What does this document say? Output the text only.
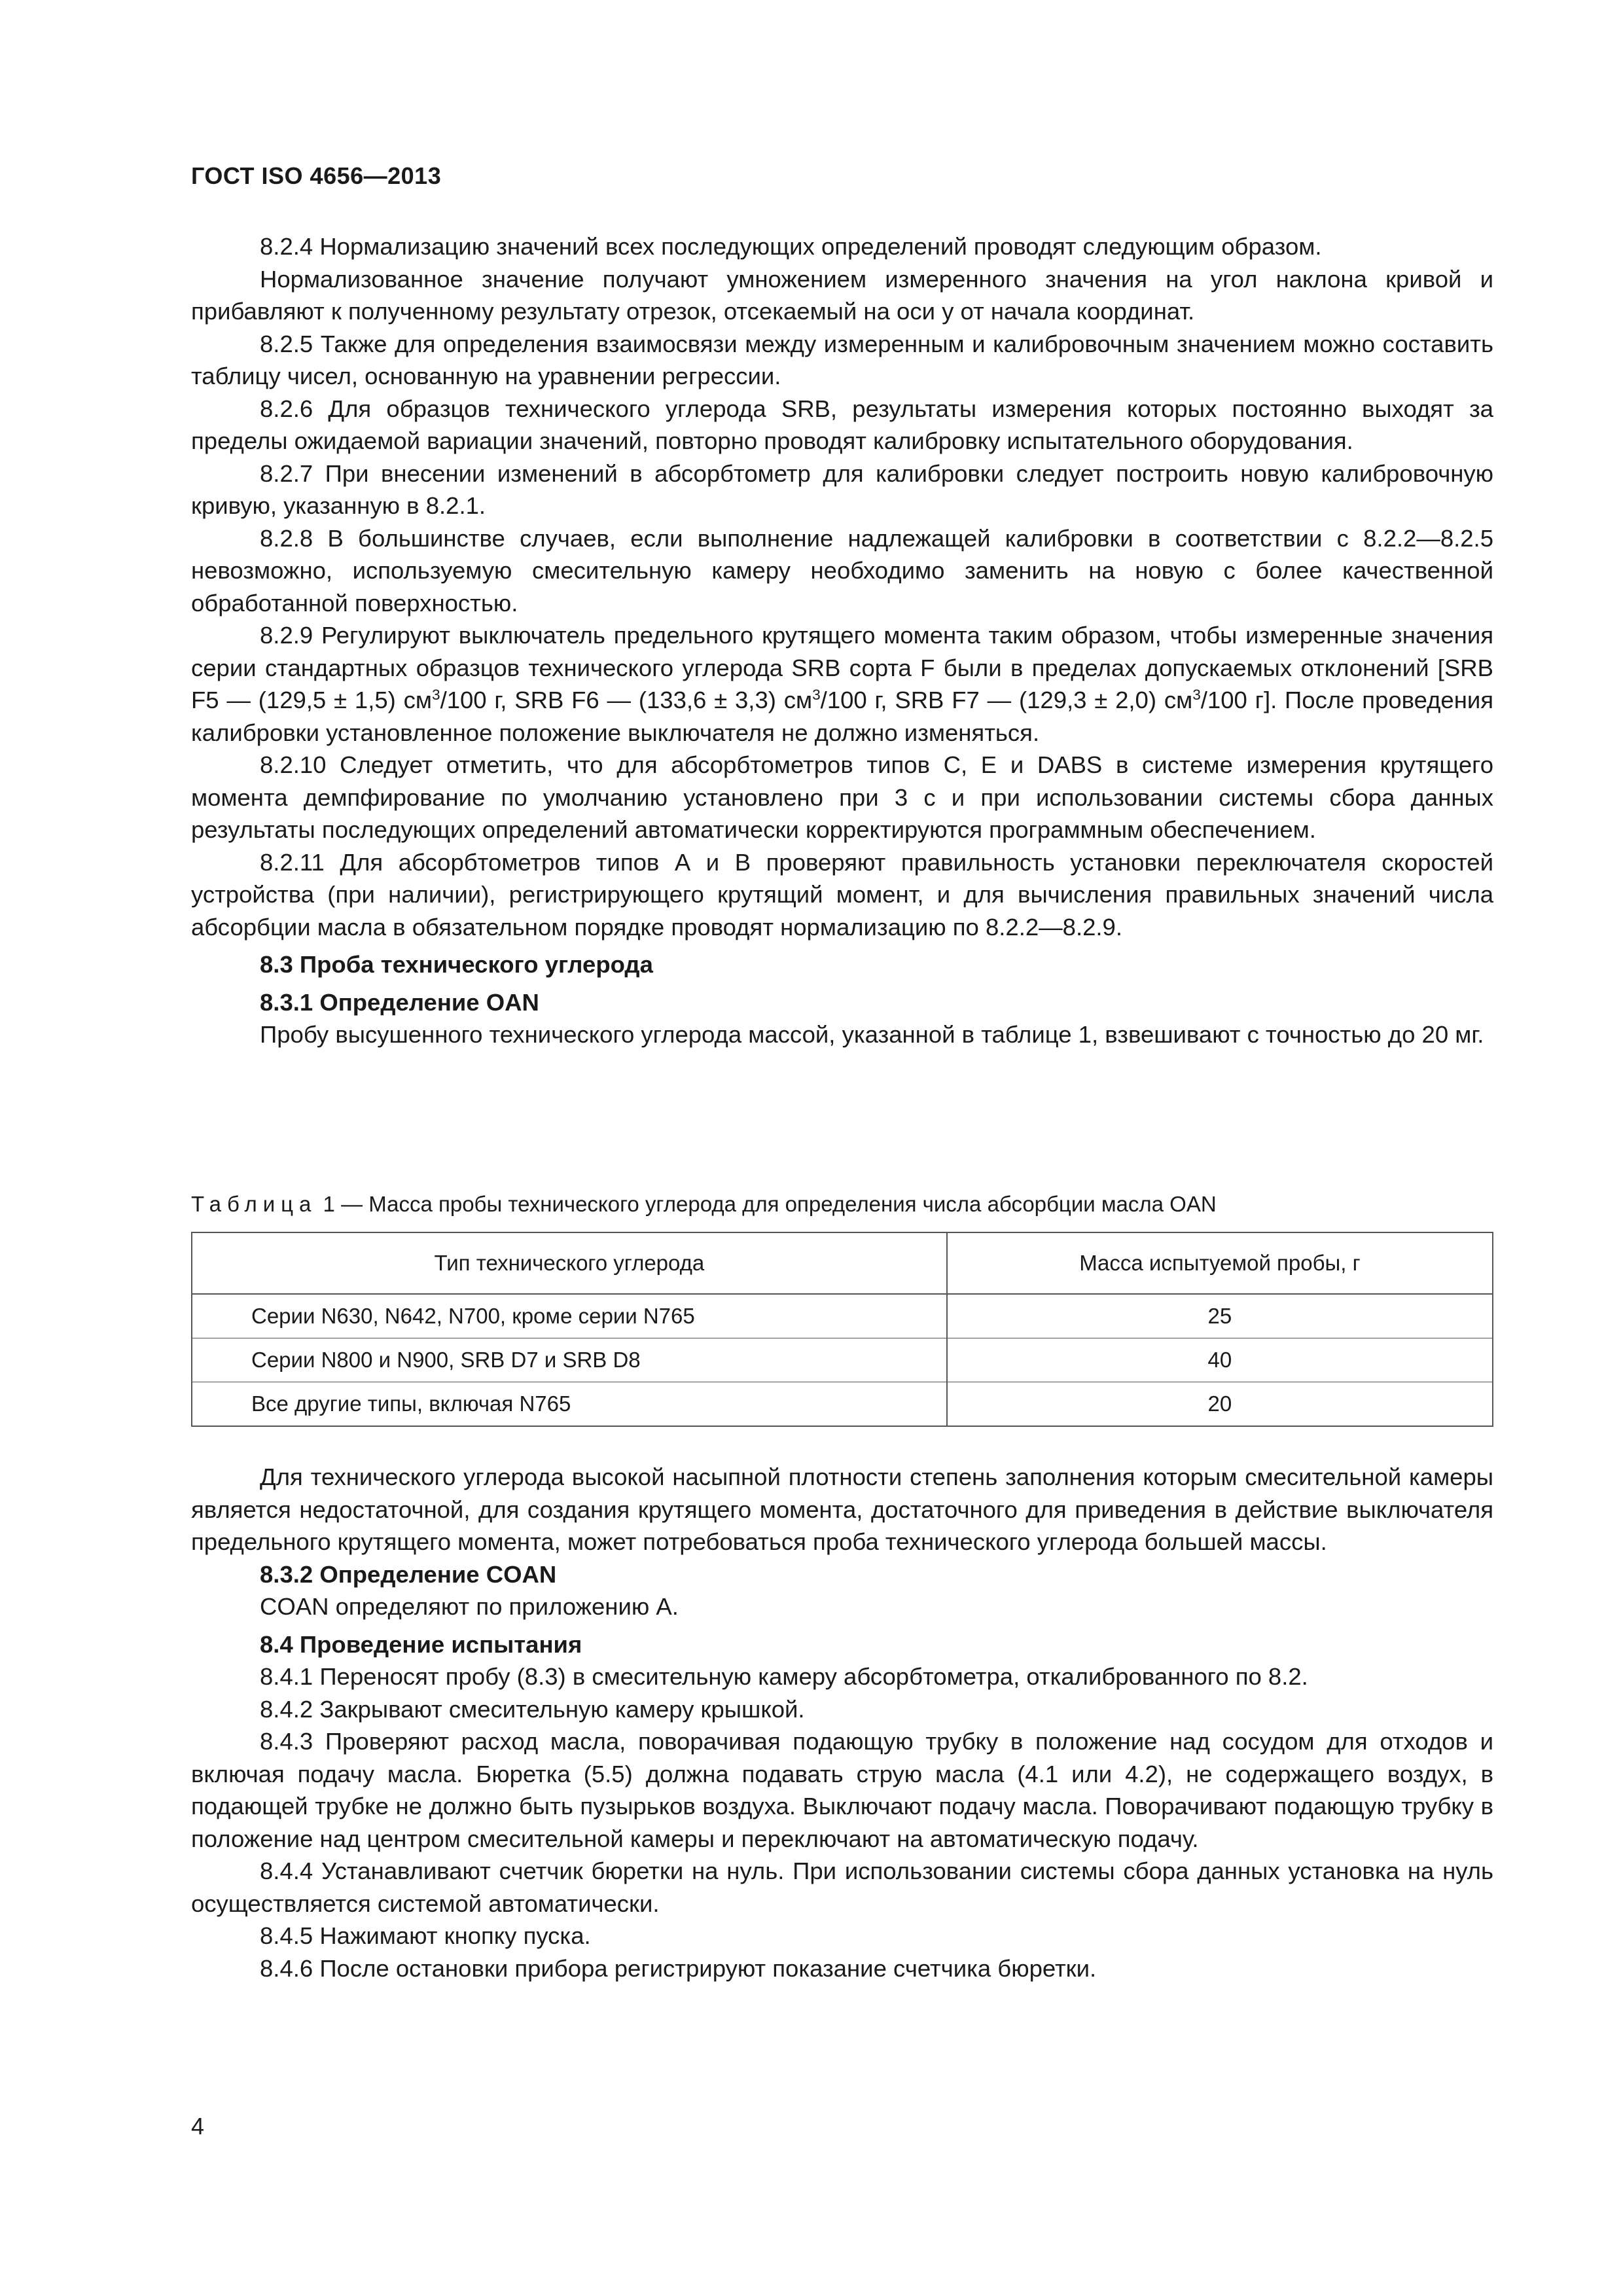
ГОСТ ISO 4656—2013

8.2.4 Нормализацию значений всех последующих определений проводят следующим образом.

Нормализованное значение получают умножением измеренного значения на угол наклона кривой и прибавляют к полученному результату отрезок, отсекаемый на оси у от начала координат.

8.2.5 Также для определения взаимосвязи между измеренным и калибровочным значением можно составить таблицу чисел, основанную на уравнении регрессии.

8.2.6 Для образцов технического углерода SRB, результаты измерения которых постоянно выходят за пределы ожидаемой вариации значений, повторно проводят калибровку испытательного оборудования.

8.2.7 При внесении изменений в абсорбтометр для калибровки следует построить новую калибровочную кривую, указанную в 8.2.1.

8.2.8 В большинстве случаев, если выполнение надлежащей калибровки в соответствии с 8.2.2—8.2.5 невозможно, используемую смесительную камеру необходимо заменить на новую с более качественной обработанной поверхностью.

8.2.9 Регулируют выключатель предельного крутящего момента таким образом, чтобы измеренные значения серии стандартных образцов технического углерода SRB сорта F были в пределах допускаемых отклонений [SRB F5 — (129,5 ± 1,5) $см^3/100$ г, SRB F6 — (133,6 ± 3,3) $см^3/100$ г, SRB F7 — (129,3 ± 2,0) $см^3/100$ г]. После проведения калибровки установленное положение выключателя не должно изменяться.

8.2.10 Следует отметить, что для абсорбтометров типов С, Е и DABS в системе измерения крутящего момента демпфирование по умолчанию установлено при 3 с и при использовании системы сбора данных результаты последующих определений автоматически корректируются программным обеспечением.

8.2.11 Для абсорбтометров типов А и В проверяют правильность установки переключателя скоростей устройства (при наличии), регистрирующего крутящий момент, и для вычисления правильных значений числа абсорбции масла в обязательном порядке проводят нормализацию по 8.2.2—8.2.9.

8.3 Проба технического углерода

8.3.1 Определение OAN

Пробу высушенного технического углерода массой, указанной в таблице 1, взвешивают с точностью до 20 мг.

Таблица 1 — Масса пробы технического углерода для определения числа абсорбции масла OAN
Тип технического углерода	Масса испытуемой пробы, г
Серии N630, N642, N700, кроме серии N765	25
Серии N800 и N900, SRB D7 и SRB D8	40
Все другие типы, включая N765	20

Для технического углерода высокой насыпной плотности степень заполнения которым смесительной камеры является недостаточной, для создания крутящего момента, достаточного для приведения в действие выключателя предельного крутящего момента, может потребоваться проба технического углерода большей массы.

8.3.2 Определение COAN

COAN определяют по приложению А.

8.4 Проведение испытания

8.4.1 Переносят пробу (8.3) в смесительную камеру абсорбтометра, откалиброванного по 8.2.

8.4.2 Закрывают смесительную камеру крышкой.

8.4.3 Проверяют расход масла, поворачивая подающую трубку в положение над сосудом для отходов и включая подачу масла. Бюретка (5.5) должна подавать струю масла (4.1 или 4.2), не содержащего воздух, в подающей трубке не должно быть пузырьков воздуха. Выключают подачу масла. Поворачивают подающую трубку в положение над центром смесительной камеры и переключают на автоматическую подачу.

8.4.4 Устанавливают счетчик бюретки на нуль. При использовании системы сбора данных установка на нуль осуществляется системой автоматически.

8.4.5 Нажимают кнопку пуска.

8.4.6 После остановки прибора регистрируют показание счетчика бюретки.

4
